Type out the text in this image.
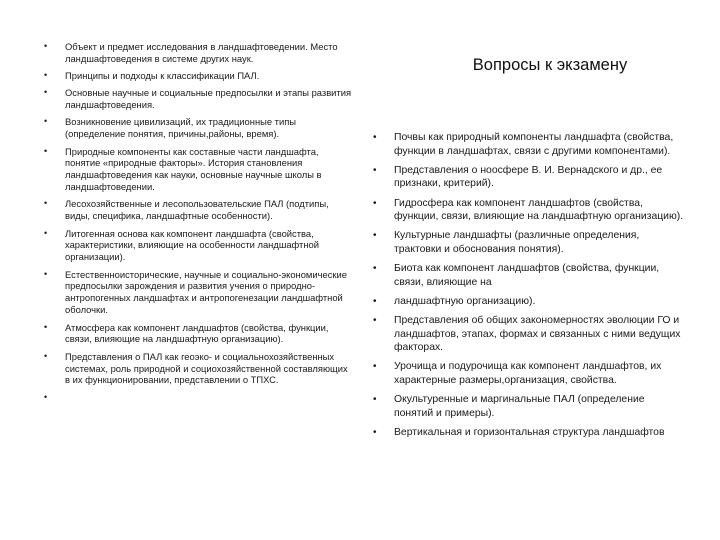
Вопросы к экзамену
• Объект и предмет исследования в ландшафтоведении. Место ландшафтоведения в системе других наук.
• Принципы и подходы к классификации ПАЛ.
• Основные научные и социальные предпосылки и этапы развития ландшафтоведения.
• Возникновение цивилизаций, их традиционные типы (определение понятия, причины,районы, время).
• Природные компоненты как составные части ландшафта, понятие «природные факторы». История становления ландшафтоведения как науки, основные научные школы в ландшафтоведении.
• Лесохозяйственные и лесопользовательские ПАЛ (подтипы, виды, специфика, ландшафтные особенности).
• Литогенная основа как компонент ландшафта (свойства, характеристики, влияющие на особенности ландшафтной организации).
• Естественноисторические, научные и социально-экономические предпосылки зарождения и развития учения о природно-антропогенных ландшафтах и антропогенезации ландшафтной оболочки.
• Атмосфера как компонент ландшафтов (свойства, функции, связи, влияющие на ландшафтную организацию).
• Представления о ПАЛ как геоэко- и социальнохозяйственных системах, роль природной и социохозяйственной составляющих в их функционировании, представлении о ТПХС.
•
• Почвы как природный компоненты ландшафта (свойства, функции в ландшафтах, связи с другими компонентами).
• Представления о ноосфере В. И. Вернадского и др., ее признаки, критерий).
• Гидросфера как компонент ландшафтов (свойства, функции, связи, влияющие на ландшафтную организацию).
• Культурные ландшафты (различные определения, трактовки и обоснования понятия).
• Биота как компонент ландшафтов (свойства, функции, связи, влияющие на
• ландшафтную организацию).
• Представления об общих закономерностях эволюции ГО и ландшафтов, этапах, формах и связанных с ними ведущих факторах.
• Урочища и подурочища как компонент ландшафтов, их характерные размеры,организация, свойства.
• Окультуренные и маргинальные ПАЛ (определение понятий и примеры).
• Вертикальная и горизонтальная структура ландшафтов
